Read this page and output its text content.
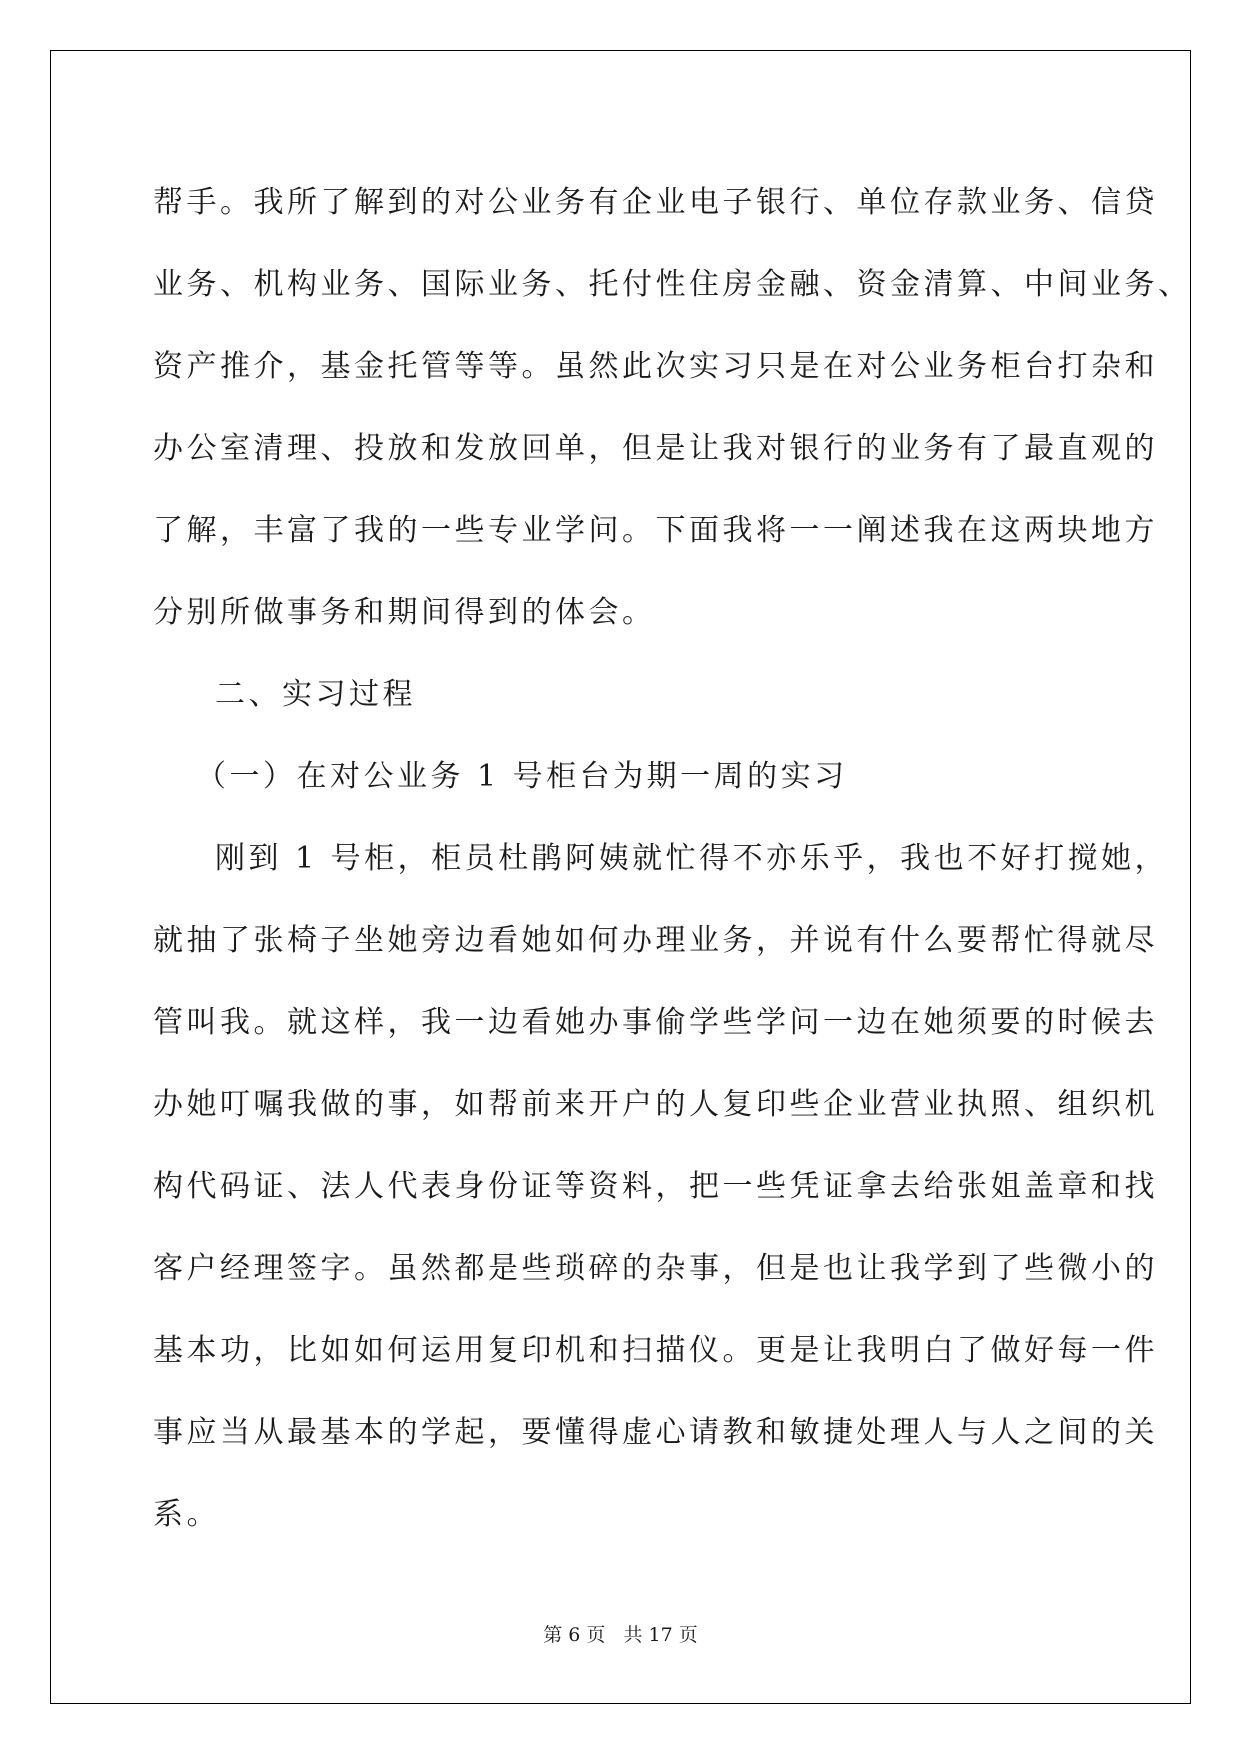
帮手。我所了解到的对公业务有企业电子银行、单位存款业务、信贷
业务、机构业务、国际业务、托付性住房金融、资金清算、中间业务、
资产推介，基金托管等等。虽然此次实习只是在对公业务柜台打杂和
办公室清理、投放和发放回单，但是让我对银行的业务有了最直观的
了解，丰富了我的一些专业学问。下面我将一一阐述我在这两块地方
分别所做事务和期间得到的体会。
二、实习过程
（一）在对公业务 1 号柜台为期一周的实习
刚到 1 号柜，柜员杜鹃阿姨就忙得不亦乐乎，我也不好打搅她，
就抽了张椅子坐她旁边看她如何办理业务，并说有什么要帮忙得就尽
管叫我。就这样，我一边看她办事偷学些学问一边在她须要的时候去
办她叮嘱我做的事，如帮前来开户的人复印些企业营业执照、组织机
构代码证、法人代表身份证等资料，把一些凭证拿去给张姐盖章和找
客户经理签字。虽然都是些琐碎的杂事，但是也让我学到了些微小的
基本功，比如如何运用复印机和扫描仪。更是让我明白了做好每一件
事应当从最基本的学起，要懂得虚心请教和敏捷处理人与人之间的关
系。
第 6 页 共 17 页
